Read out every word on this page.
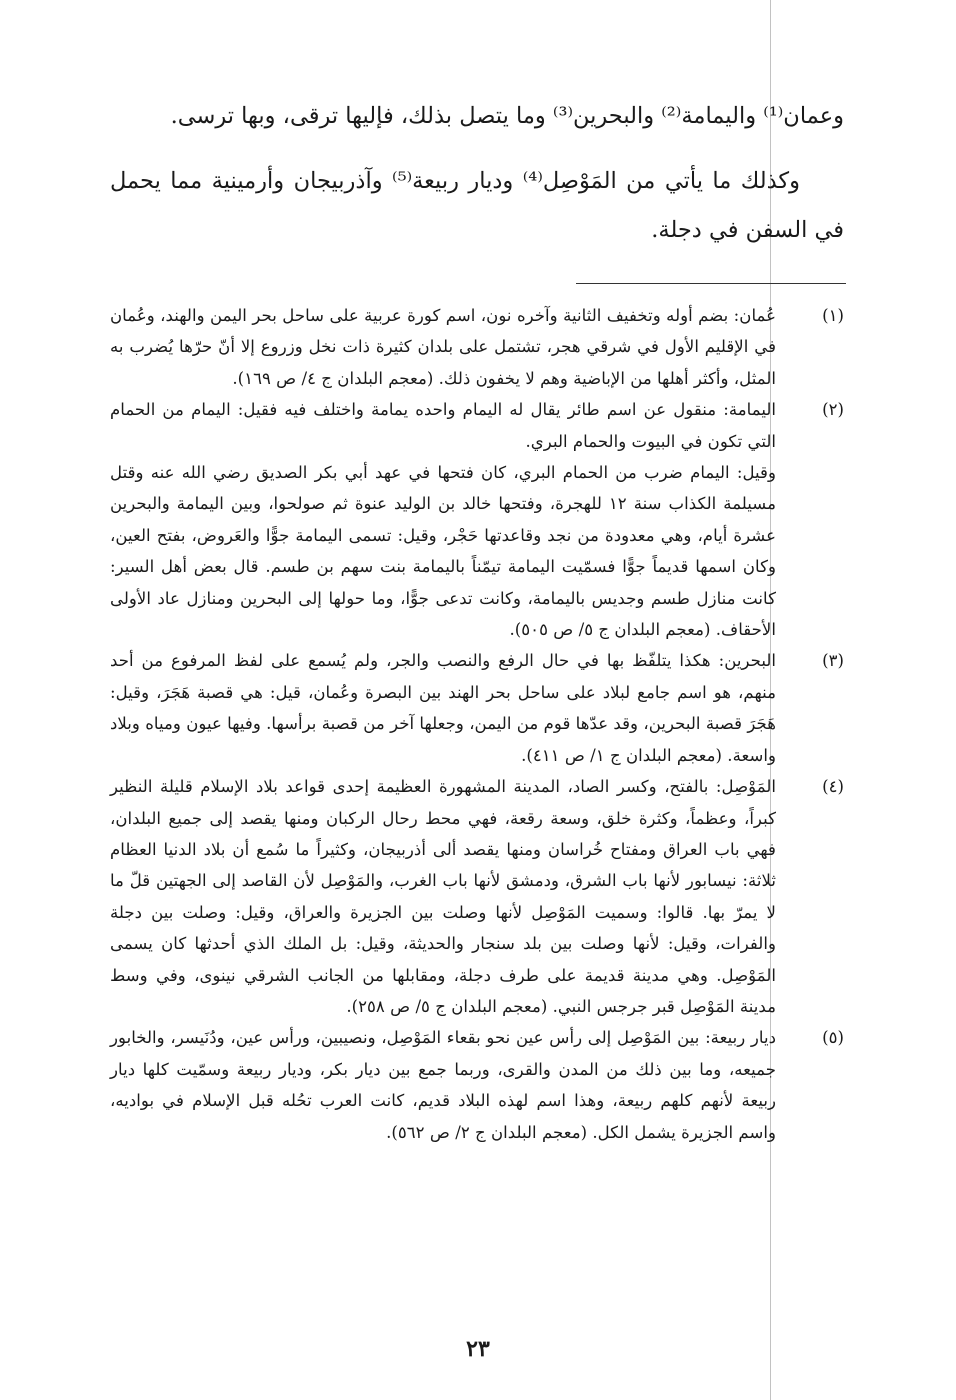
وعمان⁽¹⁾ واليمامة⁽²⁾ والبحرين⁽³⁾ وما يتصل بذلك، فإليها ترقى، وبها ترسى.

وكذلك ما يأتي من المَوْصِل⁽⁴⁾ وديار ربيعة⁽⁵⁾ وآذربيجان وأرمينية مما يحمل في السفن في دجلة.

(١)
عُمان: بضم أوله وتخفيف الثانية وآخره نون، اسم كورة عربية على ساحل بحر اليمن والهند، وعُمان في الإقليم الأول في شرقي هجر، تشتمل على بلدان كثيرة ذات نخل وزروع إلا أنّ حرّها يُضرب به المثل، وأكثر أهلها من الإباضية وهم لا يخفون ذلك. (معجم البلدان ج ٤/ ص ١٦٩).
(٢)
اليمامة: منقول عن اسم طائر يقال له اليمام واحده يمامة واختلف فيه فقيل: اليمام من الحمام التي تكون في البيوت والحمام البري.
وقيل: اليمام ضرب من الحمام البري، كان فتحها في عهد أبي بكر الصديق رضي الله عنه وقتل مسيلمة الكذاب سنة ١٢ للهجرة، وفتحها خالد بن الوليد عنوة ثم صولحوا، وبين اليمامة والبحرين عشرة أيام، وهي معدودة من نجد وقاعدتها حَجْر، وقيل: تسمى اليمامة جوًّا والعَروض، بفتح العين، وكان اسمها قديماً جوًّا فسمّيت اليمامة تيمّناً باليمامة بنت سهم بن طسم. قال بعض أهل السير: كانت منازل طسم وجديس باليمامة، وكانت تدعى جوًّا، وما حولها إلى البحرين ومنازل عاد الأولى الأحقاف. (معجم البلدان ج ٥/ ص ٥٠٥).
(٣)
البحرين: هكذا يتلفّظ بها في حال الرفع والنصب والجر، ولم يُسمع على لفظ المرفوع من أحد منهم، هو اسم جامع لبلاد على ساحل بحر الهند بين البصرة وعُمان، قيل: هي قصبة هَجَرَ، وقيل: هَجَرَ قصبة البحرين، وقد عدّها قوم من اليمن، وجعلها آخر من قصبة برأسها. وفيها عيون ومياه وبلاد واسعة. (معجم البلدان ج ١/ ص ٤١١).
(٤)
المَوْصِل: بالفتح، وكسر الصاد، المدينة المشهورة العظيمة إحدى قواعد بلاد الإسلام قليلة النظير كبراً، وعظماً، وكثرة خلق، وسعة رقعة، فهي محط رحال الركبان ومنها يقصد إلى جميع البلدان، فهي باب العراق ومفتاح خُراسان ومنها يقصد ألى أذربيجان، وكثيراً ما سُمع أن بلاد الدنيا العظام ثلاثة: نيسابور لأنها باب الشرق، ودمشق لأنها باب الغرب، والمَوْصِل لأن القاصد إلى الجهتين قلّ ما لا يمرّ بها. قالوا: وسميت المَوْصِل لأنها وصلت بين الجزيرة والعراق، وقيل: وصلت بين دجلة والفرات، وقيل: لأنها وصلت بين بلد سنجار والحديثة، وقيل: بل الملك الذي أحدثها كان يسمى المَوْصِل. وهي مدينة قديمة على طرف دجلة، ومقابلها من الجانب الشرقي نينوى، وفي وسط مدينة المَوْصِل قبر جرجس النبي. (معجم البلدان ج ٥/ ص ٢٥٨).
(٥)
ديار ربيعة: بين المَوْصِل إلى رأس عين نحو بقعاء المَوْصِل، ونصيبين، ورأس عين، ودُنَيسر، والخابور جميعه، وما بين ذلك من المدن والقرى، وربما جمع بين ديار بكر، وديار ربيعة وسمّيت كلها ديار ربيعة لأنهم كلهم ربيعة، وهذا اسم لهذه البلاد قديم، كانت العرب تحُله قبل الإسلام في بواديه، واسم الجزيرة يشمل الكل. (معجم البلدان ج ٢/ ص ٥٦٢).
٢٣
